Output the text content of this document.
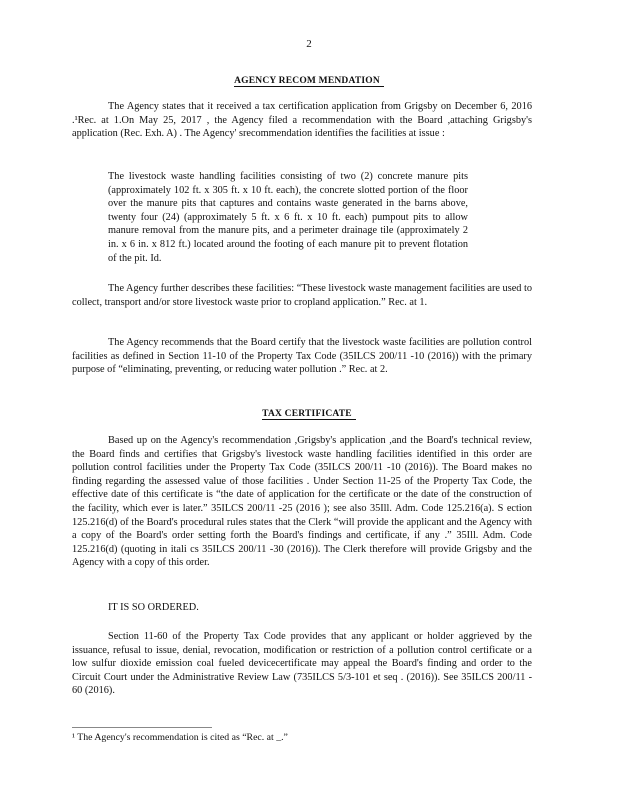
2
AGENCY RECOM MENDATION

The Agency states that it received a tax certification application from Grigsby on December 6, 2016 .¹Rec. at 1.On May 25, 2017 , the Agency filed a recommendation with the Board ,attaching Grigsby's application (Rec. Exh. A) . The Agency' srecommendation identifies the facilities at issue :

The livestock waste handling facilities consisting of two (2) concrete manure pits (approximately 102 ft. x 305 ft. x 10 ft. each), the concrete slotted portion of the floor over the manure pits that captures and contains waste generated in the barns above, twenty four (24) (approximately 5 ft. x 6 ft. x 10 ft. each) pumpout pits to allow manure removal from the manure pits, and a perimeter drainage tile (approximately 2 in. x 6 in. x 812 ft.) located around the footing of each manure pit to prevent flotation of the pit. Id.

The Agency further describes these facilities: “These livestock waste management facilities are used to collect, transport and/or store livestock waste prior to cropland application.” Rec. at 1.

The Agency recommends that the Board certify that the livestock waste facilities are pollution control facilities as defined in Section 11-10 of the Property Tax Code (35ILCS 200/11 -10 (2016)) with the primary purpose of “eliminating, preventing, or reducing water pollution .” Rec. at 2.

TAX CERTIFICATE

Based up on the Agency's recommendation ,Grigsby's application ,and the Board's technical review, the Board finds and certifies that Grigsby's livestock waste handling facilities identified in this order are pollution control facilities under the Property Tax Code (35ILCS 200/11 -10 (2016)). The Board makes no finding regarding the assessed value of those facilities . Under Section 11-25 of the Property Tax Code, the effective date of this certificate is “the date of application for the certificate or the date of the construction of the facility, which ever is later.” 35ILCS 200/11 -25 (2016 ); see also 35Ill. Adm. Code 125.216(a). S ection 125.216(d) of the Board's procedural rules states that the Clerk “will provide the applicant and the Agency with a copy of the Board's order setting forth the Board's findings and certificate, if any .” 35Ill. Adm. Code 125.216(d) (quoting in itali cs 35ILCS 200/11 -30 (2016)). The Clerk therefore will provide Grigsby and the Agency with a copy of this order.

IT IS SO ORDERED.

Section 11-60 of the Property Tax Code provides that any applicant or holder aggrieved by the issuance, refusal to issue, denial, revocation, modification or restriction of a pollution control certificate or a low sulfur dioxide emission coal fueled devicecertificate may appeal the Board's finding and order to the Circuit Court under the Administrative Review Law (735ILCS 5/3-101 et seq . (2016)). See 35ILCS 200/11 - 60 (2016).

¹ The Agency's recommendation is cited as “Rec. at _.”
